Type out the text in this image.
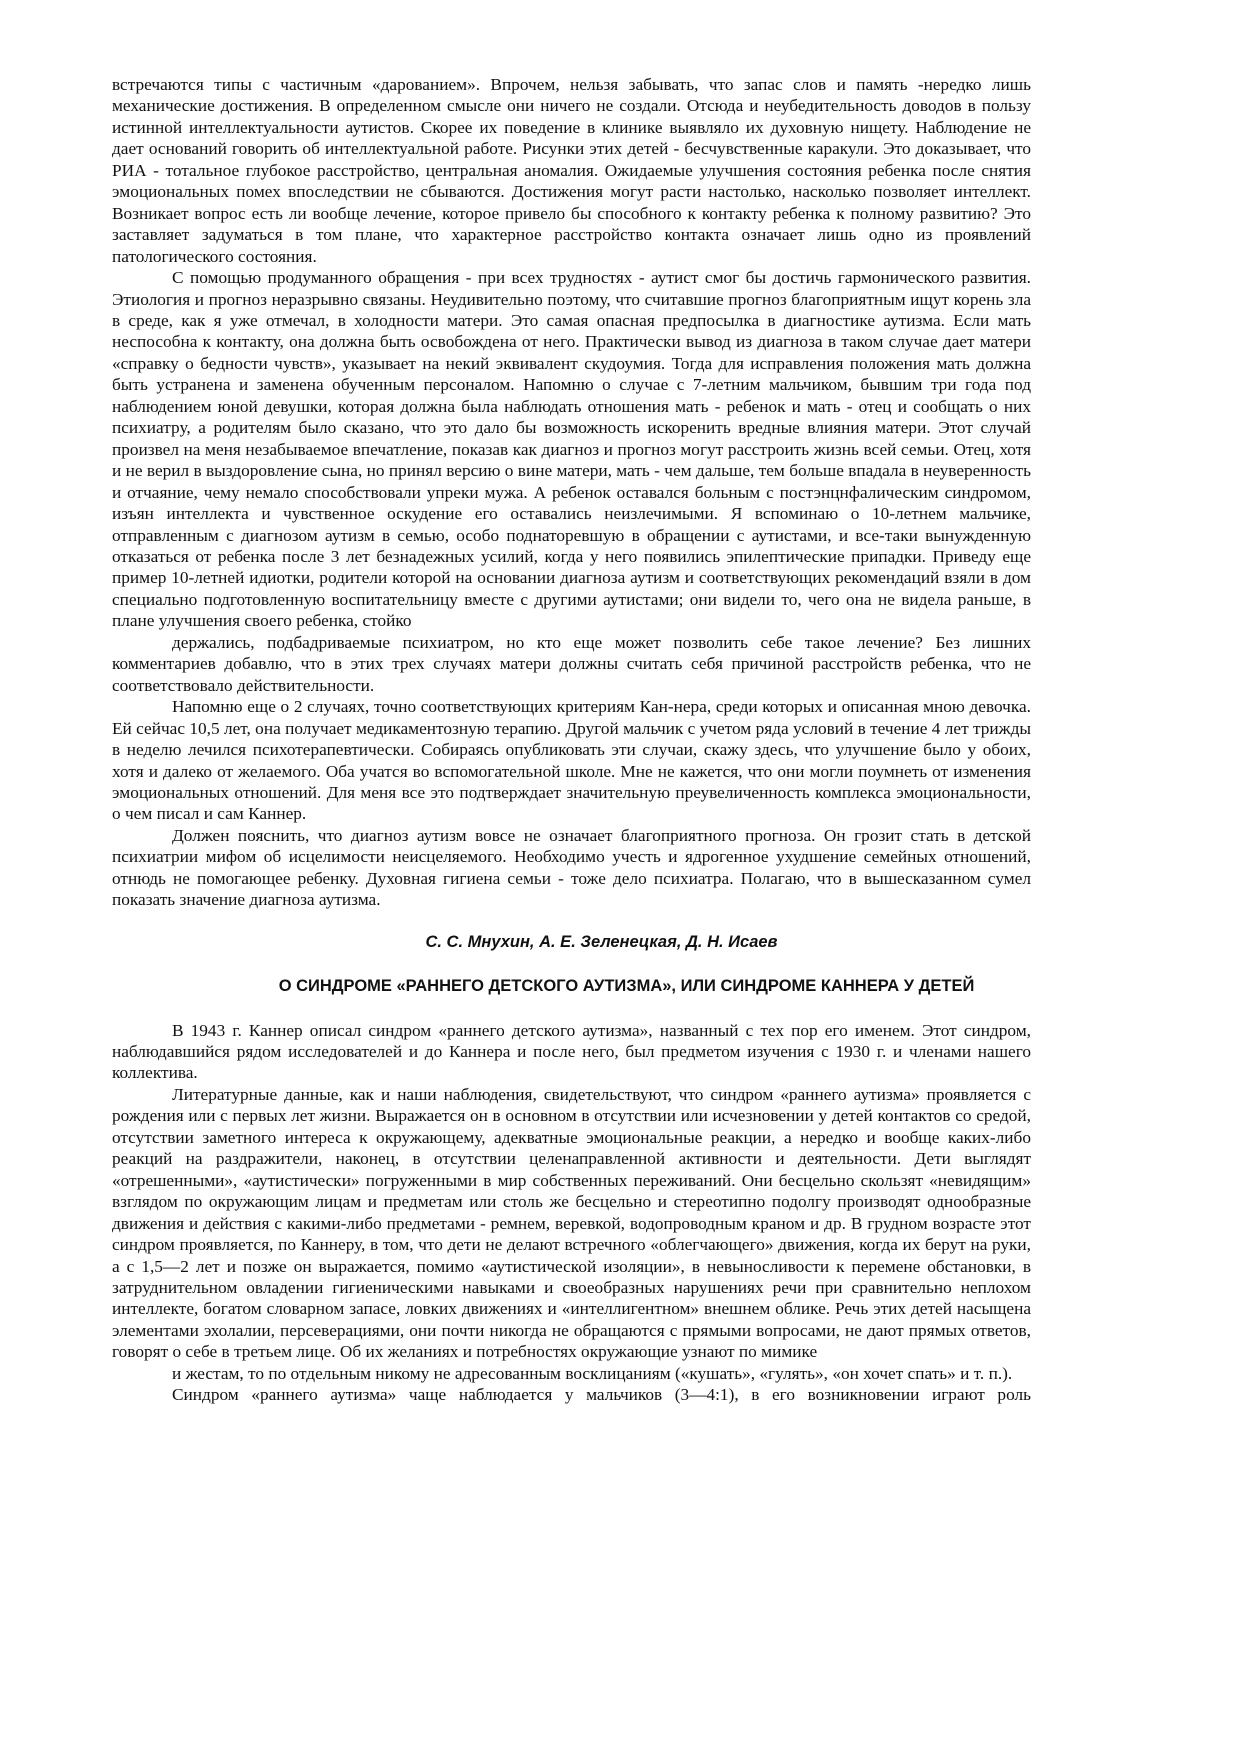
встречаются типы с частичным «дарованием». Впрочем, нельзя забывать, что запас слов и память -нередко лишь механические достижения. В определенном смысле они ничего не создали. Отсюда и неубедительность доводов в пользу истинной интеллектуальности аутистов. Скорее их поведение в клинике выявляло их духовную нищету. Наблюдение не дает оснований говорить об интеллектуальной работе. Рисунки этих детей - бесчувственные каракули. Это доказывает, что РИА - тотальное глубокое расстройство, центральная аномалия. Ожидаемые улучшения состояния ребенка после снятия эмоциональных помех впоследствии не сбываются. Достижения могут расти настолько, насколько позволяет интеллект. Возникает вопрос есть ли вообще лечение, которое привело бы способного к контакту ребенка к полному развитию? Это заставляет задуматься в том плане, что характерное расстройство контакта означает лишь одно из проявлений патологического состояния.

С помощью продуманного обращения - при всех трудностях - аутист смог бы достичь гармонического развития. Этиология и прогноз неразрывно связаны. Неудивительно поэтому, что считавшие прогноз благоприятным ищут корень зла в среде, как я уже отмечал, в холодности матери. Это самая опасная предпосылка в диагностике аутизма. Если мать неспособна к контакту, она должна быть освобождена от него. Практически вывод из диагноза в таком случае дает матери «справку о бедности чувств», указывает на некий эквивалент скудоумия. Тогда для исправления положения мать должна быть устранена и заменена обученным персоналом. Напомню о случае с 7-летним мальчиком, бывшим три года под наблюдением юной девушки, которая должна была наблюдать отношения мать - ребенок и мать - отец и сообщать о них психиатру, а родителям было сказано, что это дало бы возможность искоренить вредные влияния матери. Этот случай произвел на меня незабываемое впечатление, показав как диагноз и прогноз могут расстроить жизнь всей семьи. Отец, хотя и не верил в выздоровление сына, но принял версию о вине матери, мать - чем дальше, тем больше впадала в неуверенность и отчаяние, чему немало способствовали упреки мужа. А ребенок оставался больным с постэнцнфалическим синдромом, изъян интеллекта и чувственное оскудение его оставались неизлечимыми. Я вспоминаю о 10-летнем мальчике, отправленным с диагнозом аутизм в семью, особо поднаторевшую в обращении с аутистами, и все-таки вынужденную отказаться от ребенка после 3 лет безнадежных усилий, когда у него появились эпилептические припадки. Приведу еще пример 10-летней идиотки, родители которой на основании диагноза аутизм и соответствующих рекомендаций взяли в дом специально подготовленную воспитательницу вместе с другими аутистами; они видели то, чего она не видела раньше, в плане улучшения своего ребенка, стойко

держались, подбадриваемые психиатром, но кто еще может позволить себе такое лечение? Без лишних комментариев добавлю, что в этих трех случаях матери должны считать себя причиной расстройств ребенка, что не соответствовало действительности.

Напомню еще о 2 случаях, точно соответствующих критериям Кан-нера, среди которых и описанная мною девочка. Ей сейчас 10,5 лет, она получает медикаментозную терапию. Другой мальчик с учетом ряда условий в течение 4 лет трижды в неделю лечился психотерапевтически. Собираясь опубликовать эти случаи, скажу здесь, что улучшение было у обоих, хотя и далеко от желаемого. Оба учатся во вспомогательной школе. Мне не кажется, что они могли поумнеть от изменения эмоциональных отношений. Для меня все это подтверждает значительную преувеличенность комплекса эмоциональности, о чем писал и сам Каннер.

Должен пояснить, что диагноз аутизм вовсе не означает благоприятного прогноза. Он грозит стать в детской психиатрии мифом об исцелимости неисцеляемого. Необходимо учесть и ядрогенное ухудшение семейных отношений, отнюдь не помогающее ребенку. Духовная гигиена семьи - тоже дело психиатра. Полагаю, что в вышесказанном сумел показать значение диагноза аутизма.

С. С. Мнухин, А. Е. Зеленецкая, Д. Н. Исаев
О СИНДРОМЕ «РАННЕГО ДЕТСКОГО АУТИЗМА», ИЛИ СИНДРОМЕ КАННЕРА У ДЕТЕЙ

В 1943 г. Каннер описал синдром «раннего детского аутизма», названный с тех пор его именем. Этот синдром, наблюдавшийся рядом исследователей и до Каннера и после него, был предметом изучения с 1930 г. и членами нашего коллектива.

Литературные данные, как и наши наблюдения, свидетельствуют, что синдром «раннего аутизма» проявляется с рождения или с первых лет жизни. Выражается он в основном в отсутствии или исчезновении у детей контактов со средой, отсутствии заметного интереса к окружающему, адекватные эмоциональные реакции, а нередко и вообще каких-либо реакций на раздражители, наконец, в отсутствии целенаправленной активности и деятельности. Дети выглядят «отрешенными», «аутистически» погруженными в мир собственных переживаний. Они бесцельно скользят «невидящим» взглядом по окружающим лицам и предметам или столь же бесцельно и стереотипно подолгу производят однообразные движения и действия с какими-либо предметами - ремнем, веревкой, водопроводным краном и др. В грудном возрасте этот синдром проявляется, по Каннеру, в том, что дети не делают встречного «облегчающего» движения, когда их берут на руки, а с 1,5—2 лет и позже он выражается, помимо «аутистической изоляции», в невыносливости к перемене обстановки, в затруднительном овладении гигиеническими навыками и своеобразных нарушениях речи при сравнительно неплохом интеллекте, богатом словарном запасе, ловких движениях и «интеллигентном» внешнем облике. Речь этих детей насыщена элементами эхолалии, персеверациями, они почти никогда не обращаются с прямыми вопросами, не дают прямых ответов, говорят о себе в третьем лице. Об их желаниях и потребностях окружающие узнают по мимике

и жестам, то по отдельным никому не адресованным восклицаниям («кушать», «гулять», «он хочет спать» и т. п.).

Синдром «раннего аутизма» чаще наблюдается у мальчиков (3—4:1), в его возникновении играют роль
